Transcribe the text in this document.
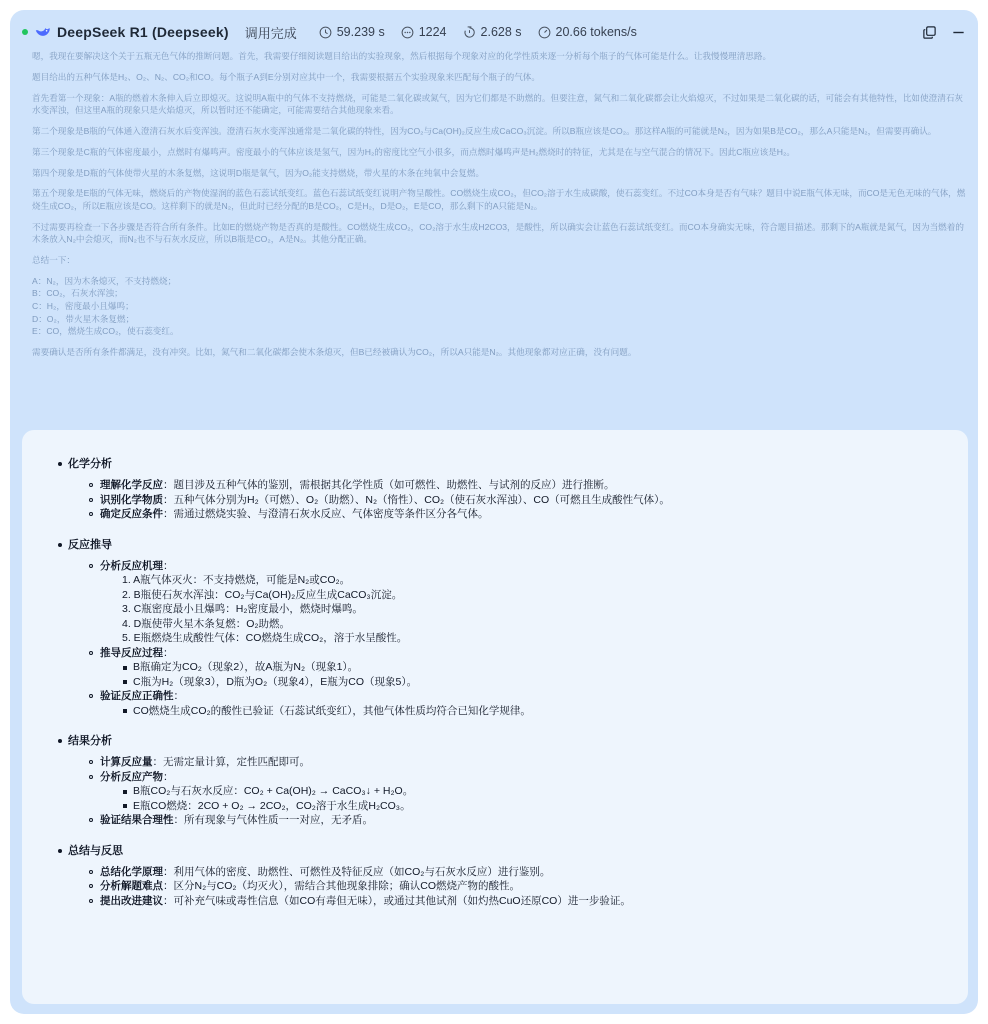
DeepSeek R1 (Deepseek) 调用完成	59.239 s	1224	2.628 s	20.66 tokens/s

嗯，我现在要解决这个关于五瓶无色气体的推断问题。首先，我需要仔细阅读题目给出的实验现象，然后根据每个现象对应的化学性质来逐一分析每个瓶子的气体可能是什么。让我慢慢理清思路。

题目给出的五种气体是H₂、O₂、N₂、CO₂和CO。每个瓶子A到E分别对应其中一个，我需要根据五个实验现象来匹配每个瓶子的气体。

首先看第一个现象：A瓶的燃着木条伸入后立即熄灭。这说明A瓶中的气体不支持燃烧，可能是二氧化碳或氮气，因为它们都是不助燃的。但要注意，氮气和二氧化碳都会让火焰熄灭，不过如果是二氧化碳的话，可能会有其他特性，比如使澄清石灰水变浑浊，但这里A瓶的现象只是火焰熄灭，所以暂时还不能确定，可能需要结合其他现象来看。

第二个现象是B瓶的气体通入澄清石灰水后变浑浊。澄清石灰水变浑浊通常是二氧化碳的特性，因为CO₂与Ca(OH)₂反应生成CaCO₃沉淀。所以B瓶应该是CO₂。那这样A瓶的可能就是N₂，因为如果B是CO₂，那么A只能是N₂，但需要再确认。

第三个现象是C瓶的气体密度最小，点燃时有爆鸣声。密度最小的气体应该是氢气，因为H₂的密度比空气小很多，而点燃时爆鸣声是H₂燃烧时的特征，尤其是在与空气混合的情况下。因此C瓶应该是H₂。

第四个现象是D瓶的气体使带火星的木条复燃，这说明D瓶是氧气，因为O₂能支持燃烧，带火星的木条在纯氧中会复燃。

第五个现象是E瓶的气体无味，燃烧后的产物使湿润的蓝色石蕊试纸变红。蓝色石蕊试纸变红说明产物呈酸性。CO燃烧生成CO₂，但CO₂溶于水生成碳酸，使石蕊变红。不过CO本身是否有气味？题目中说E瓶气体无味，而CO是无色无味的气体，燃烧生成CO₂，所以E瓶应该是CO。这样剩下的就是N₂，但此时已经分配的B是CO₂，C是H₂，D是O₂，E是CO，那么剩下的A只能是N₂。

不过需要再检查一下各步骤是否符合所有条件。比如E的燃烧产物是否真的是酸性。CO燃烧生成CO₂，CO₂溶于水生成H2CO3，是酸性，所以确实会让蓝色石蕊试纸变红。而CO本身确实无味，符合题目描述。那剩下的A瓶就是氮气，因为当燃着的木条放入N₂中会熄灭，而N₂也不与石灰水反应，所以B瓶是CO₂，A是N₂。其他分配正确。

总结一下：

A：N₂，因为木条熄灭，不支持燃烧；
B：CO₂，石灰水浑浊；
C：H₂，密度最小且爆鸣；
D：O₂，带火星木条复燃；
E：CO，燃烧生成CO₂，使石蕊变红。

需要确认是否所有条件都满足，没有冲突。比如，氮气和二氧化碳都会使木条熄灭，但B已经被确认为CO₂，所以A只能是N₂。其他现象都对应正确，没有问题。

化学分析
理解化学反应：题目涉及五种气体的鉴别，需根据其化学性质（如可燃性、助燃性、与试剂的反应）进行推断。
识别化学物质：五种气体分别为H₂（可燃）、O₂（助燃）、N₂（惰性）、CO₂（使石灰水浑浊）、CO（可燃且生成酸性气体）。
确定反应条件：需通过燃烧实验、与澄清石灰水反应、气体密度等条件区分各气体。
反应推导
分析反应机理：
1. A瓶气体灭火：不支持燃烧，可能是N₂或CO₂。
2. B瓶使石灰水浑浊：CO₂与Ca(OH)₂反应生成CaCO₃沉淀。
3. C瓶密度最小且爆鸣：H₂密度最小，燃烧时爆鸣。
4. D瓶使带火星木条复燃：O₂助燃。
5. E瓶燃烧生成酸性气体：CO燃烧生成CO₂，溶于水呈酸性。
推导反应过程：
B瓶确定为CO₂（现象2），故A瓶为N₂（现象1）。
C瓶为H₂（现象3），D瓶为O₂（现象4），E瓶为CO（现象5）。
验证反应正确性：
CO燃烧生成CO₂的酸性已验证（石蕊试纸变红），其他气体性质均符合已知化学规律。
结果分析
计算反应量：无需定量计算，定性匹配即可。
分析反应产物：
B瓶CO₂与石灰水反应：CO₂ + Ca(OH)₂ → CaCO₃↓ + H₂O。
E瓶CO燃烧：2CO + O₂ → 2CO₂，CO₂溶于水生成H₂CO₃。
验证结果合理性：所有现象与气体性质一一对应，无矛盾。
总结与反思
总结化学原理：利用气体的密度、助燃性、可燃性及特征反应（如CO₂与石灰水反应）进行鉴别。
分析解题难点：区分N₂与CO₂（均灭火），需结合其他现象排除；确认CO燃烧产物的酸性。
提出改进建议：可补充气味或毒性信息（如CO有毒但无味），或通过其他试剂（如灼热CuO还原CO）进一步验证。
